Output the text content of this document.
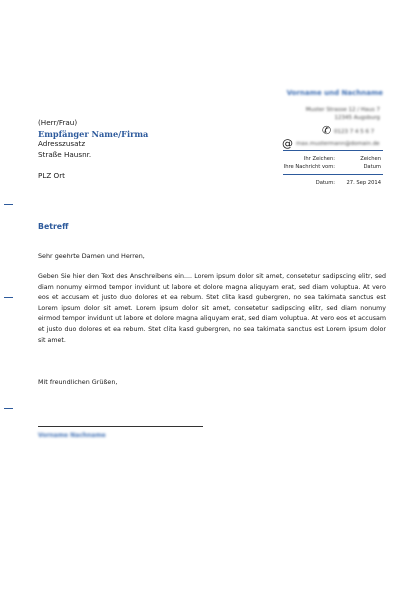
Vorname und Nachname
Muster Strasse 12 / Haus 7
12345 Augsburg
✆ 0123 7 4 5 6 7
@ max.mustermann@domain.de
Ihr Zeichen:	Zeichen
Ihre Nachricht vom:	Datum
Datum: 27. Sep 2014
(Herr/Frau)
Empfänger Name/Firma
Adresszusatz
Straße Hausnr.
PLZ Ort
Betreff
Sehr geehrte Damen und Herren,
Geben Sie hier den Text des Anschreibens ein.... Lorem ipsum dolor sit amet, consetetur sadipscing elitr, sed diam nonumy eirmod tempor invidunt ut labore et dolore magna aliquyam erat, sed diam voluptua. At vero eos et accusam et justo duo dolores et ea rebum. Stet clita kasd gubergren, no sea takimata sanctus est Lorem ipsum dolor sit amet. Lorem ipsum dolor sit amet, consetetur sadipscing elitr, sed diam nonumy eirmod tempor invidunt ut labore et dolore magna aliquyam erat, sed diam voluptua. At vero eos et accusam et justo duo dolores et ea rebum. Stet clita kasd gubergren, no sea takimata sanctus est Lorem ipsum dolor sit amet.
Mit freundlichen Grüßen,
Vorname Nachname
